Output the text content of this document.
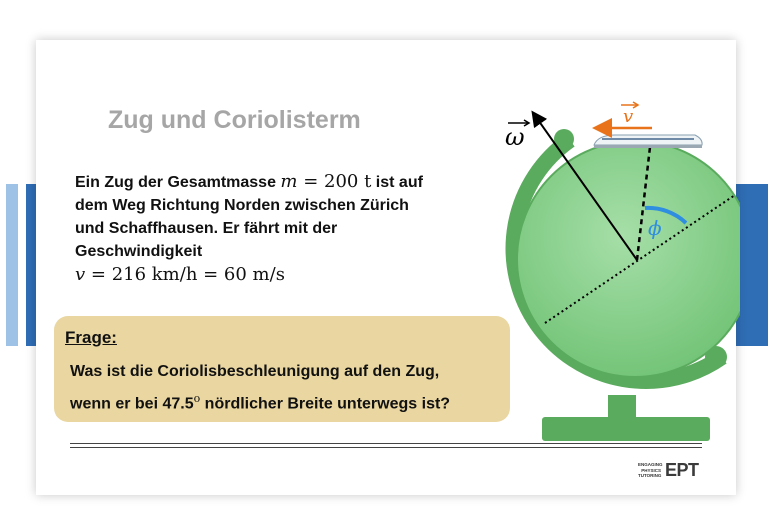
Zug und Coriolisterm
Ein Zug der Gesamtmasse m = 200 t ist auf dem Weg Richtung Norden zwischen Zürich und Schaffhausen. Er fährt mit der Geschwindigkeit
v = 216 km/h = 60 m/s
Frage:
Was ist die Coriolisbeschleunigung auf den Zug,
wenn er bei 47.5$^o$ nördlicher Breite unterwegs ist?
ϕ
v
ω
ENGAGING
PHYSICS
TUTORING EPT
